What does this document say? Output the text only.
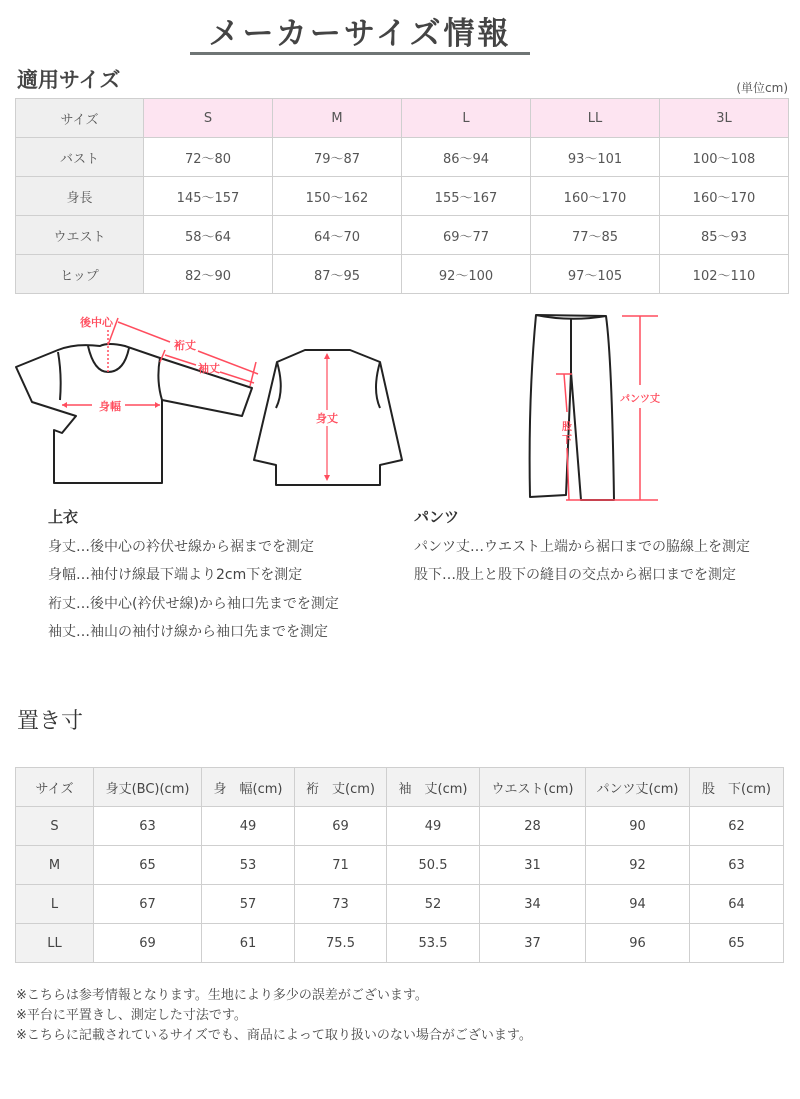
メーカーサイズ情報
適用サイズ	(単位cm)
サイズ	S	M	L	LL	3L
バスト	72〜80	79〜87	86〜94	93〜101	100〜108
身長	145〜157	150〜162	155〜167	160〜170	160〜170
ウエスト	58〜64	64〜70	69〜77	77〜85	85〜93
ヒップ	82〜90	87〜95	92〜100	97〜105	102〜110
後中心
裄丈
袖丈
身幅
身丈
パンツ丈
股
下
上衣
身丈…後中心の衿伏せ線から裾までを測定
身幅…袖付け線最下端より2cm下を測定
裄丈…後中心(衿伏せ線)から袖口先までを測定
袖丈…袖山の袖付け線から袖口先までを測定
パンツ
パンツ丈…ウエスト上端から裾口までの脇線上を測定
股下…股上と股下の縫目の交点から裾口までを測定
置き寸
サイズ	身丈(BC)(cm)	身　幅(cm)	裄　丈(cm)	袖　丈(cm)	ウエスト(cm)	パンツ丈(cm)	股　下(cm)
S	63	49	69	49	28	90	62
M	65	53	71	50.5	31	92	63
L	67	57	73	52	34	94	64
LL	69	61	75.5	53.5	37	96	65
※こちらは参考情報となります。生地により多少の誤差がございます。
※平台に平置きし、測定した寸法です。
※こちらに記載されているサイズでも、商品によって取り扱いのない場合がございます。
